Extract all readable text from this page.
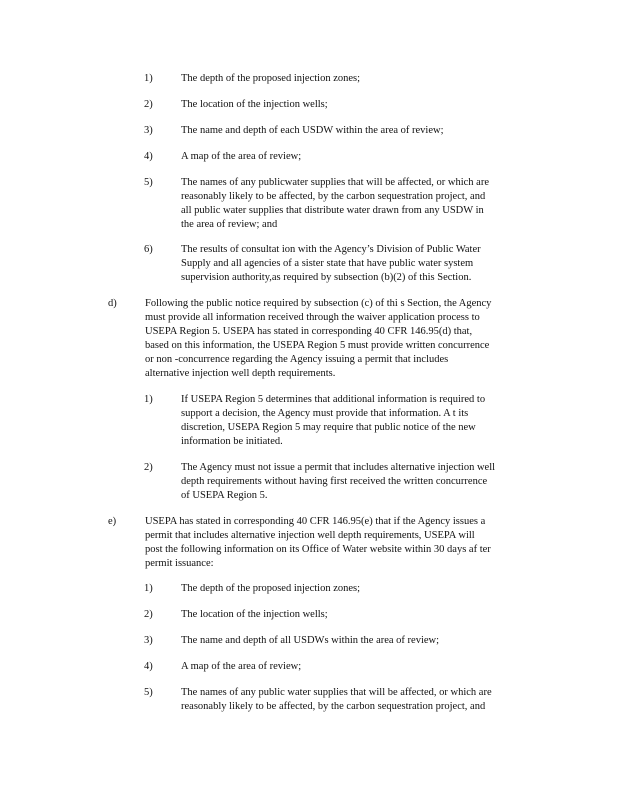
1)	The depth of the proposed injection zones;
2)	The location of the injection wells;
3)	The name and depth of each USDW within the area of review;
4)	A map of the area of review;
5)	The names of any publicwater supplies that will be affected, or which are
reasonably likely to be affected, by the carbon sequestration project, and
all public water supplies that distribute water drawn from any USDW in
the area of review; and
6)	The results of consultat ion with the Agency’s Division of Public Water
Supply and all agencies of a sister state that have public water system
supervision authority,as required by subsection (b)(2) of this Section.
d)	Following the public notice required by subsection (c) of thi s Section, the Agency
must provide all information received through the waiver application process to
USEPA Region 5. USEPA has stated in corresponding 40 CFR 146.95(d) that,
based on this information, the USEPA Region 5 must provide written concurrence
or non -concurrence regarding the Agency issuing a permit that includes
alternative injection well depth requirements.
1)	If USEPA Region 5 determines that additional information is required to
support a decision, the Agency must provide that information. A t its
discretion, USEPA Region 5 may require that public notice of the new
information be initiated.
2)	The Agency must not issue a permit that includes alternative injection well
depth requirements without having first received the written concurrence
of USEPA Region 5.
e)	USEPA has stated in corresponding 40 CFR 146.95(e) that if the Agency issues a
permit that includes alternative injection well depth requirements, USEPA will
post the following information on its Office of Water website within 30 days af ter
permit issuance:
1)	The depth of the proposed injection zones;
2)	The location of the injection wells;
3)	The name and depth of all USDWs within the area of review;
4)	A map of the area of review;
5)	The names of any public water supplies that will be affected, or which are
reasonably likely to be affected, by the carbon sequestration project, and
